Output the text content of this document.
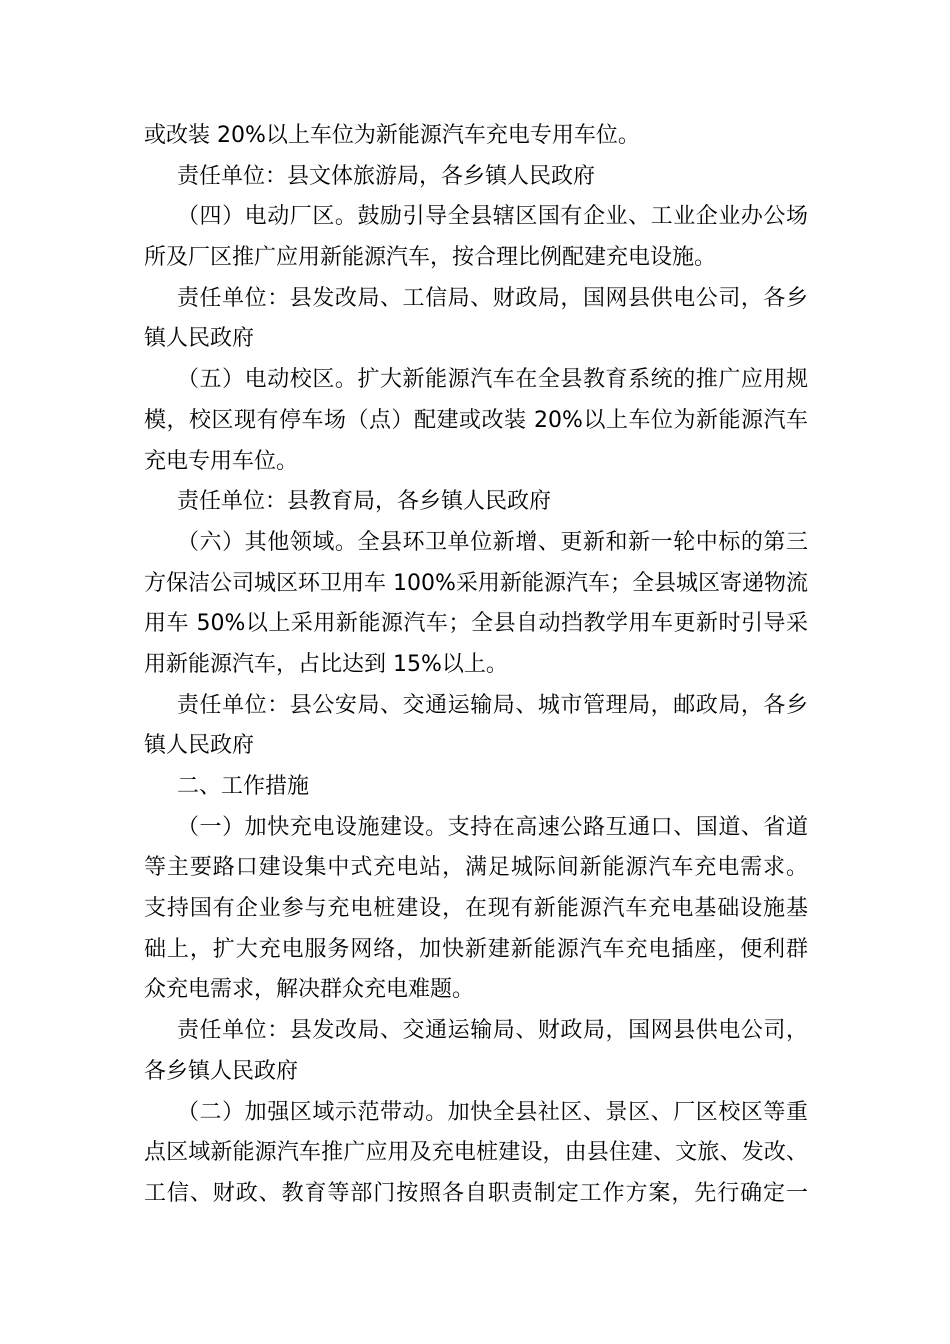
或改装 20%以上车位为新能源汽车充电专用车位。
责任单位：县文体旅游局，各乡镇人民政府
（四）电动厂区。鼓励引导全县辖区国有企业、工业企业办公场
所及厂区推广应用新能源汽车，按合理比例配建充电设施。
责任单位：县发改局、工信局、财政局，国网县供电公司，各乡
镇人民政府
（五）电动校区。扩大新能源汽车在全县教育系统的推广应用规
模，校区现有停车场（点）配建或改装 20%以上车位为新能源汽车
充电专用车位。
责任单位：县教育局，各乡镇人民政府
（六）其他领域。全县环卫单位新增、更新和新一轮中标的第三
方保洁公司城区环卫用车 100%采用新能源汽车；全县城区寄递物流
用车 50%以上采用新能源汽车；全县自动挡教学用车更新时引导采
用新能源汽车，占比达到 15%以上。
责任单位：县公安局、交通运输局、城市管理局，邮政局，各乡
镇人民政府
二、工作措施
（一）加快充电设施建设。支持在高速公路互通口、国道、省道
等主要路口建设集中式充电站，满足城际间新能源汽车充电需求。
支持国有企业参与充电桩建设，在现有新能源汽车充电基础设施基
础上，扩大充电服务网络，加快新建新能源汽车充电插座，便利群
众充电需求，解决群众充电难题。
责任单位：县发改局、交通运输局、财政局，国网县供电公司，
各乡镇人民政府
（二）加强区域示范带动。加快全县社区、景区、厂区校区等重
点区域新能源汽车推广应用及充电桩建设，由县住建、文旅、发改、
工信、财政、教育等部门按照各自职责制定工作方案，先行确定一
